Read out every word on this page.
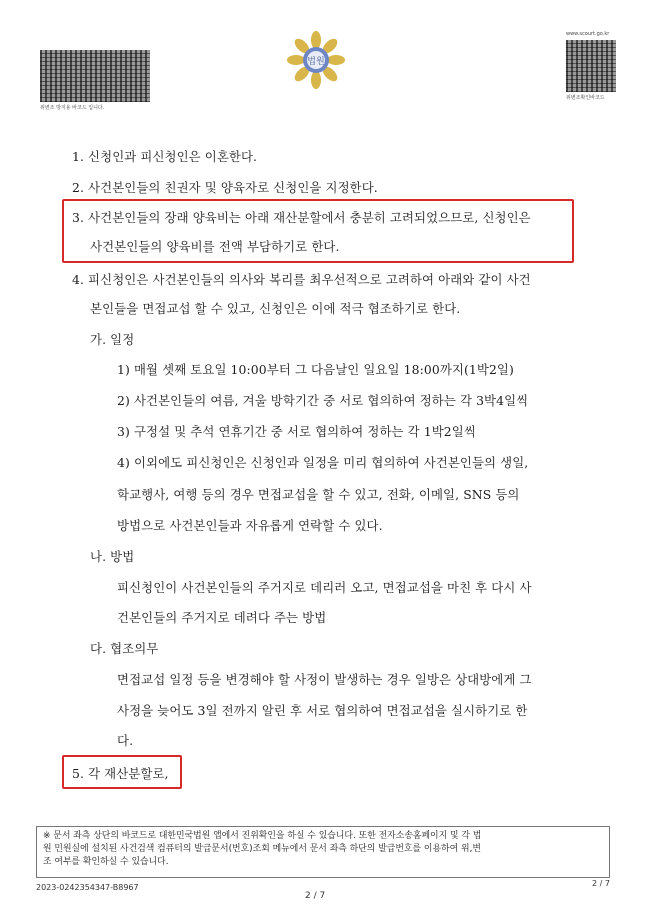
위변조 방지용 바코드 입니다.
법원
www.scourt.go.kr
위변조확인바코드
1. 신청인과 피신청인은 이혼한다.
2. 사건본인들의 친권자 및 양육자로 신청인을 지정한다.
3. 사건본인들의 장래 양육비는 아래 재산분할에서 충분히 고려되었으므로, 신청인은
사건본인들의 양육비를 전액 부담하기로 한다.
4. 피신청인은 사건본인들의 의사와 복리를 최우선적으로 고려하여 아래와 같이 사건
본인들을 면접교섭 할 수 있고, 신청인은 이에 적극 협조하기로 한다.
가. 일정
1) 매월 셋째 토요일 10:00부터 그 다음날인 일요일 18:00까지(1박2일)
2) 사건본인들의 여름, 겨울 방학기간 중 서로 협의하여 정하는 각 3박4일씩
3) 구정설 및 추석 연휴기간 중 서로 협의하여 정하는 각 1박2일씩
4) 이외에도 피신청인은 신청인과 일정을 미리 협의하여 사건본인들의 생일,
학교행사, 여행 등의 경우 면접교섭을 할 수 있고, 전화, 이메일, SNS 등의
방법으로 사건본인들과 자유롭게 연락할 수 있다.
나. 방법
피신청인이 사건본인들의 주거지로 데리러 오고, 면접교섭을 마친 후 다시 사
건본인들의 주거지로 데려다 주는 방법
다. 협조의무
면접교섭 일정 등을 변경해야 할 사정이 발생하는 경우 일방은 상대방에게 그
사정을 늦어도 3일 전까지 알린 후 서로 협의하여 면접교섭을 실시하기로 한
다.
5. 각 재산분할로,
※ 문서 좌측 상단의 바코드로 대한민국법원 앱에서 진위확인을 하실 수 있습니다. 또한 전자소송홈페이지 및 각 법
원 민원실에 설치된 사건검색 컴퓨터의 발급문서(번호)조회 메뉴에서 문서 좌측 하단의 발급번호를 이용하여 위,변
조 여부를 확인하실 수 있습니다.
2023-0242354347-B8967
2 / 7
2 / 7
